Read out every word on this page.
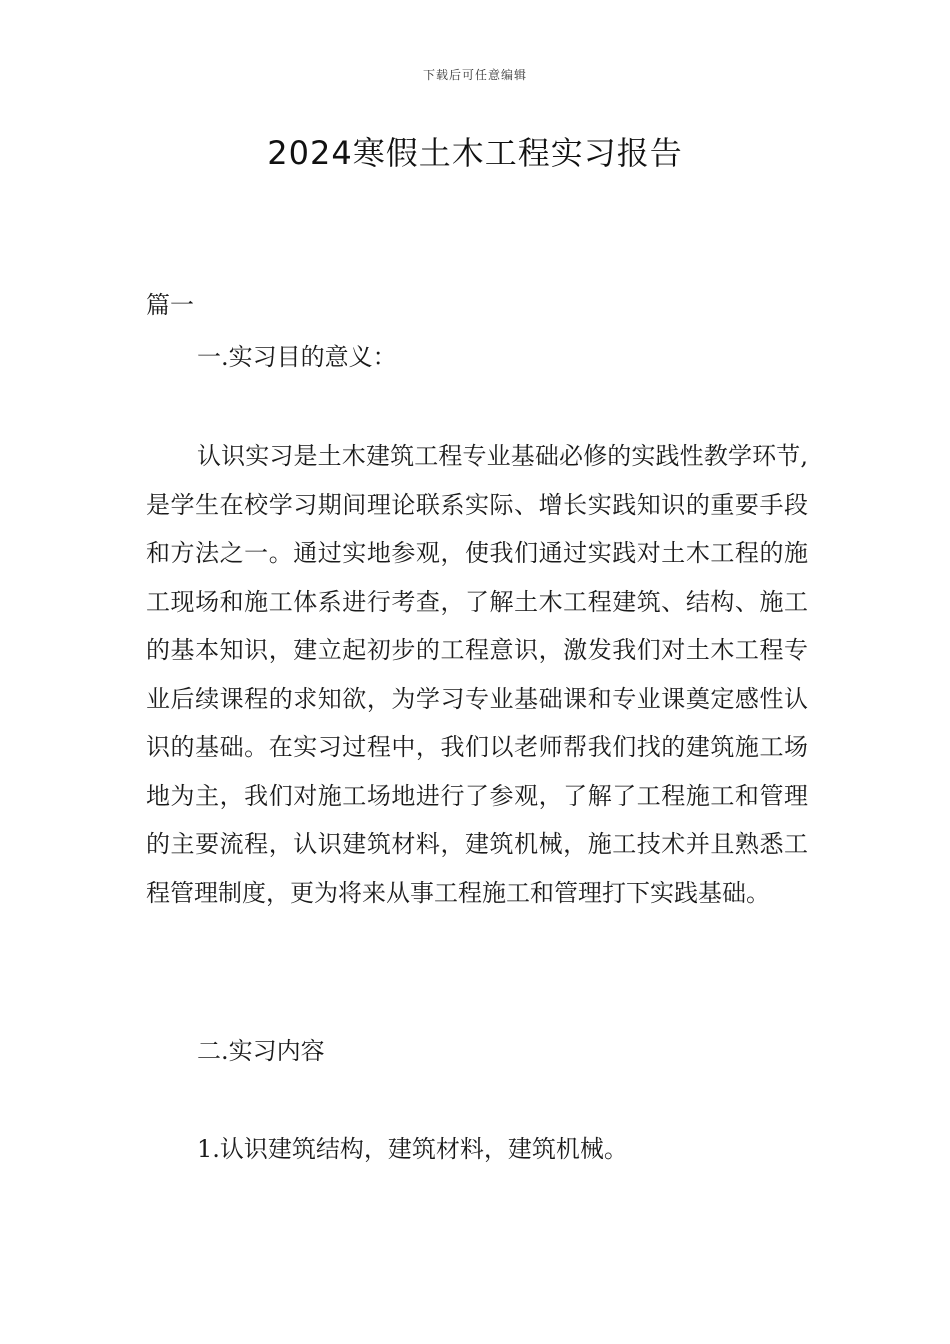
下载后可任意编辑
2024寒假土木工程实习报告
篇一
一.实习目的意义：

认识实习是土木建筑工程专业基础必修的实践性教学环节,是学生在校学习期间理论联系实际、增长实践知识的重要手段和方法之一。通过实地参观，使我们通过实践对土木工程的施工现场和施工体系进行考查，了解土木工程建筑、结构、施工的基本知识，建立起初步的工程意识，激发我们对土木工程专业后续课程的求知欲，为学习专业基础课和专业课奠定感性认识的基础。在实习过程中，我们以老师帮我们找的建筑施工场地为主，我们对施工场地进行了参观，了解了工程施工和管理的主要流程，认识建筑材料，建筑机械，施工技术并且熟悉工程管理制度，更为将来从事工程施工和管理打下实践基础。

二.实习内容
1.认识建筑结构，建筑材料，建筑机械。
